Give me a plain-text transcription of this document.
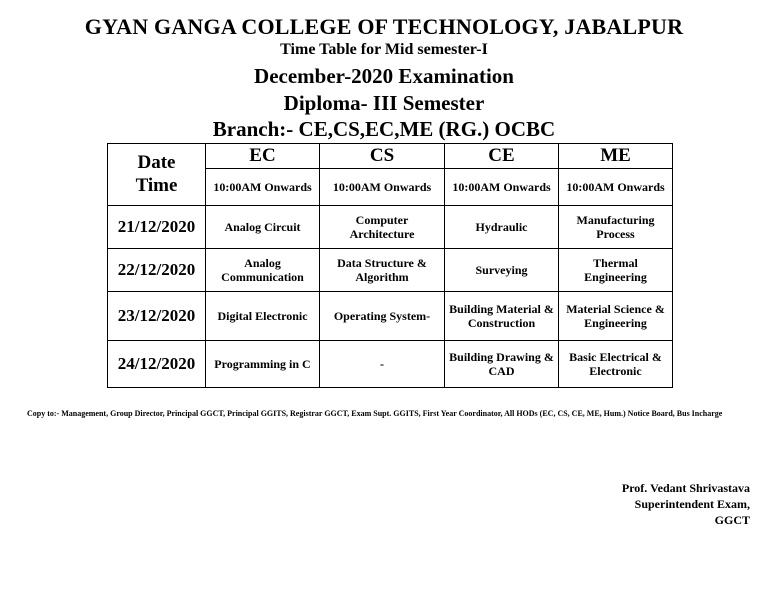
GYAN GANGA COLLEGE OF TECHNOLOGY, JABALPUR
Time Table for Mid semester-I
December-2020 Examination
Diploma- III Semester
Branch:- CE,CS,EC,ME (RG.) OCBC
Date
Time	EC	CS	CE	ME
	10:00AM Onwards	10:00AM Onwards	10:00AM Onwards	10:00AM Onwards
21/12/2020	Analog Circuit	Computer Architecture	Hydraulic	Manufacturing Process
22/12/2020	Analog Communication	Data Structure & Algorithm	Surveying	Thermal Engineering
23/12/2020	Digital Electronic	Operating System-	Building Material & Construction	Material Science & Engineering
24/12/2020	Programming in C	-	Building Drawing & CAD	Basic Electrical & Electronic
Copy to:- Management, Group Director, Principal GGCT, Principal GGITS, Registrar GGCT, Exam Supt. GGITS, First Year Coordinator, All HODs (EC, CS, CE, ME, Hum.) Notice Board, Bus Incharge
Prof. Vedant Shrivastava
Superintendent Exam,
GGCT
